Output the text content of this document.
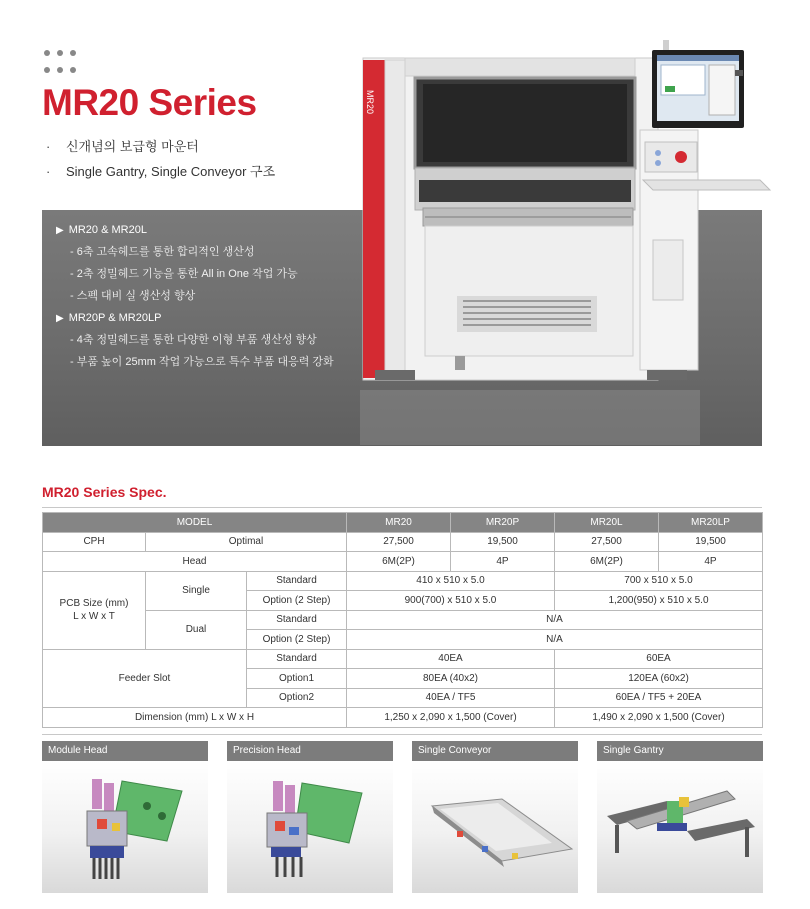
MR20 Series
· 신개념의 보급형 마운터
· Single Gantry, Single Conveyor 구조
MR20
▶ MR20 & MR20L
- 6축 고속헤드를 통한 합리적인 생산성
- 2축 정밀헤드 기능을 통한 All in One 작업 가능
- 스펙 대비 실 생산성 향상
▶ MR20P & MR20LP
- 4축 정밀헤드를 통한 다양한 이형 부품 생산성 향상
- 부품 높이 25mm 작업 가능으로 특수 부품 대응력 강화
MR20 Series Spec.
MODEL			MR20	MR20P	MR20L	MR20LP
CPH	Optimal		27,500	19,500	27,500	19,500
Head			6M(2P)	4P	6M(2P)	4P
PCB Size (mm)
L x W x T	Single	Standard	410 x 510 x 5.0		700 x 510 x 5.0	
		Option (2 Step)	900(700) x 510 x 5.0		1,200(950) x 510 x 5.0	
	Dual	Standard	N/A			
		Option (2 Step)	N/A			
Feeder Slot		Standard	40EA		60EA	
		Option1	80EA (40x2)		120EA (60x2)	
		Option2	40EA / TF5		60EA / TF5 + 20EA	
Dimension (mm) L x W x H			1,250 x 2,090 x 1,500 (Cover)		1,490 x 2,090 x 1,500 (Cover)	
Module Head	Precision Head	Single Conveyor	Single Gantry
